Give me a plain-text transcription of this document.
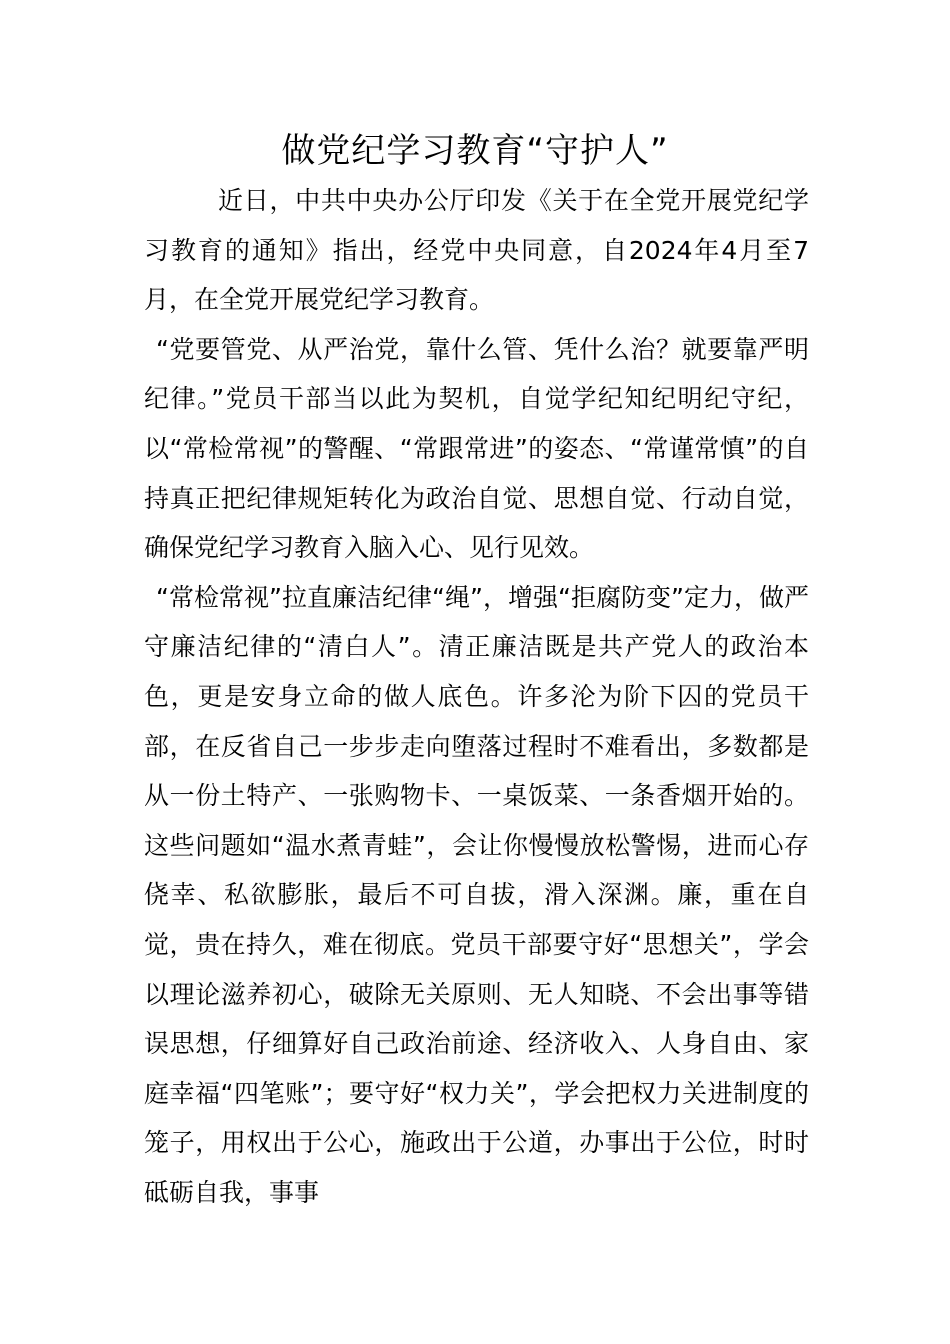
做党纪学习教育“守护人”

近日，中共中央办公厅印发《关于在全党开展党纪学习教育的通知》指出，经党中央同意，自2024年4月至7月，在全党开展党纪学习教育。

“党要管党、从严治党，靠什么管、凭什么治？就要靠严明纪律。”党员干部当以此为契机，自觉学纪知纪明纪守纪，以“常检常视”的警醒、“常跟常进”的姿态、“常谨常慎”的自持真正把纪律规矩转化为政治自觉、思想自觉、行动自觉，确保党纪学习教育入脑入心、见行见效。

“常检常视”拉直廉洁纪律“绳”，增强“拒腐防变”定力，做严守廉洁纪律的“清白人”。清正廉洁既是共产党人的政治本色，更是安身立命的做人底色。许多沦为阶下囚的党员干部，在反省自己一步步走向堕落过程时不难看出，多数都是从一份土特产、一张购物卡、一桌饭菜、一条香烟开始的。这些问题如“温水煮青蛙”，会让你慢慢放松警惕，进而心存侥幸、私欲膨胀，最后不可自拔，滑入深渊。廉，重在自觉，贵在持久，难在彻底。党员干部要守好“思想关”，学会以理论滋养初心，破除无关原则、无人知晓、不会出事等错误思想，仔细算好自己政治前途、经济收入、人身自由、家庭幸福“四笔账”；要守好“权力关”，学会把权力关进制度的笼子，用权出于公心，施政出于公道，办事出于公位，时时砥砺自我，事事
